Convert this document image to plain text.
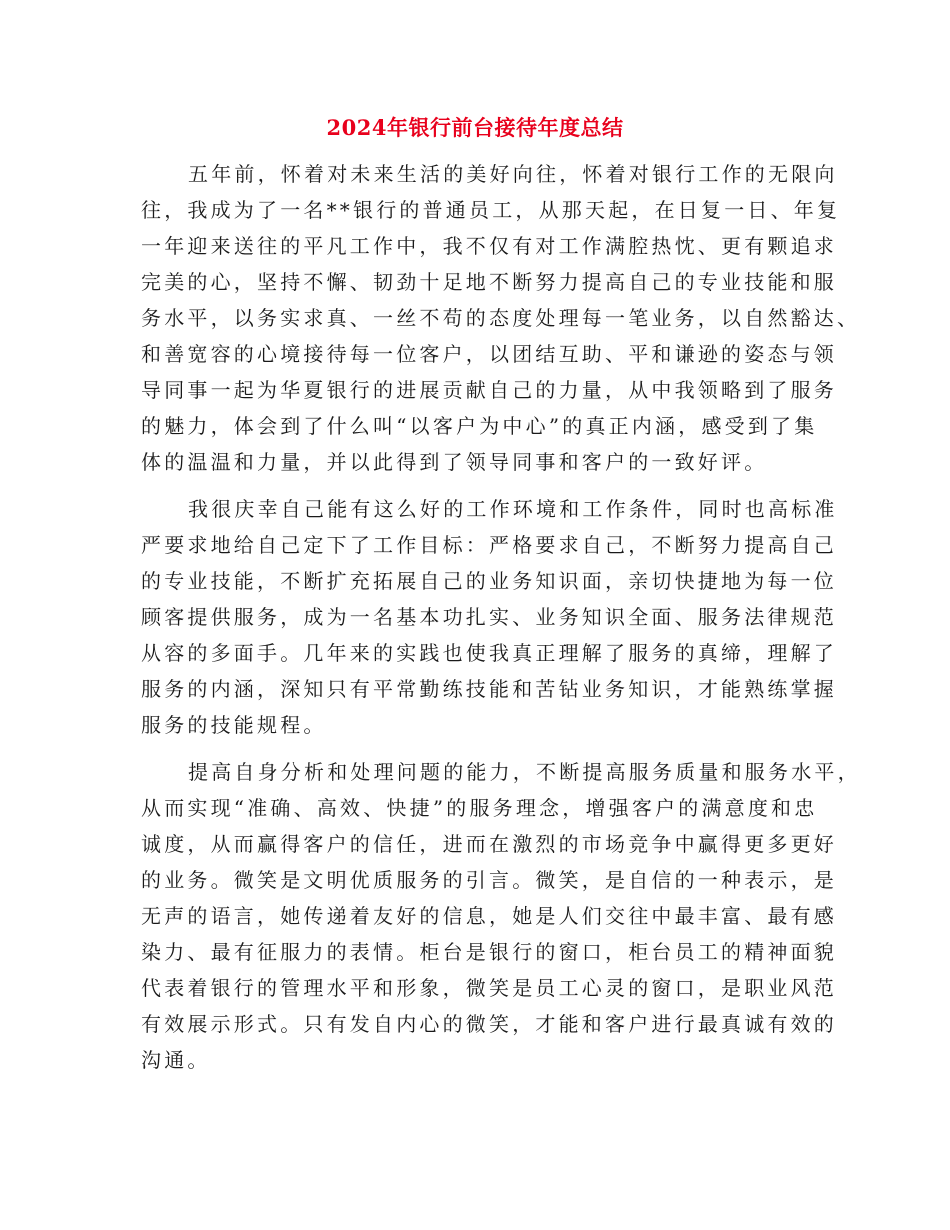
2024年银行前台接待年度总结
五年前，怀着对未来生活的美好向往，怀着对银行工作的无限向
往，我成为了一名**银行的普通员工，从那天起，在日复一日、年复
一年迎来送往的平凡工作中，我不仅有对工作满腔热忱、更有颗追求
完美的心，坚持不懈、韧劲十足地不断努力提高自己的专业技能和服
务水平，以务实求真、一丝不苟的态度处理每一笔业务，以自然豁达、
和善宽容的心境接待每一位客户，以团结互助、平和谦逊的姿态与领
导同事一起为华夏银行的进展贡献自己的力量，从中我领略到了服务
的魅力，体会到了什么叫“以客户为中心”的真正内涵，感受到了集
体的温温和力量，并以此得到了领导同事和客户的一致好评。
我很庆幸自己能有这么好的工作环境和工作条件，同时也高标准
严要求地给自己定下了工作目标：严格要求自己，不断努力提高自己
的专业技能，不断扩充拓展自己的业务知识面，亲切快捷地为每一位
顾客提供服务，成为一名基本功扎实、业务知识全面、服务法律规范
从容的多面手。几年来的实践也使我真正理解了服务的真缔，理解了
服务的内涵，深知只有平常勤练技能和苦钻业务知识，才能熟练掌握
服务的技能规程。
提高自身分析和处理问题的能力，不断提高服务质量和服务水平，
从而实现“准确、高效、快捷”的服务理念，增强客户的满意度和忠
诚度，从而赢得客户的信任，进而在激烈的市场竞争中赢得更多更好
的业务。微笑是文明优质服务的引言。微笑，是自信的一种表示，是
无声的语言，她传递着友好的信息，她是人们交往中最丰富、最有感
染力、最有征服力的表情。柜台是银行的窗口，柜台员工的精神面貌
代表着银行的管理水平和形象，微笑是员工心灵的窗口，是职业风范
有效展示形式。只有发自内心的微笑，才能和客户进行最真诚有效的
沟通。
